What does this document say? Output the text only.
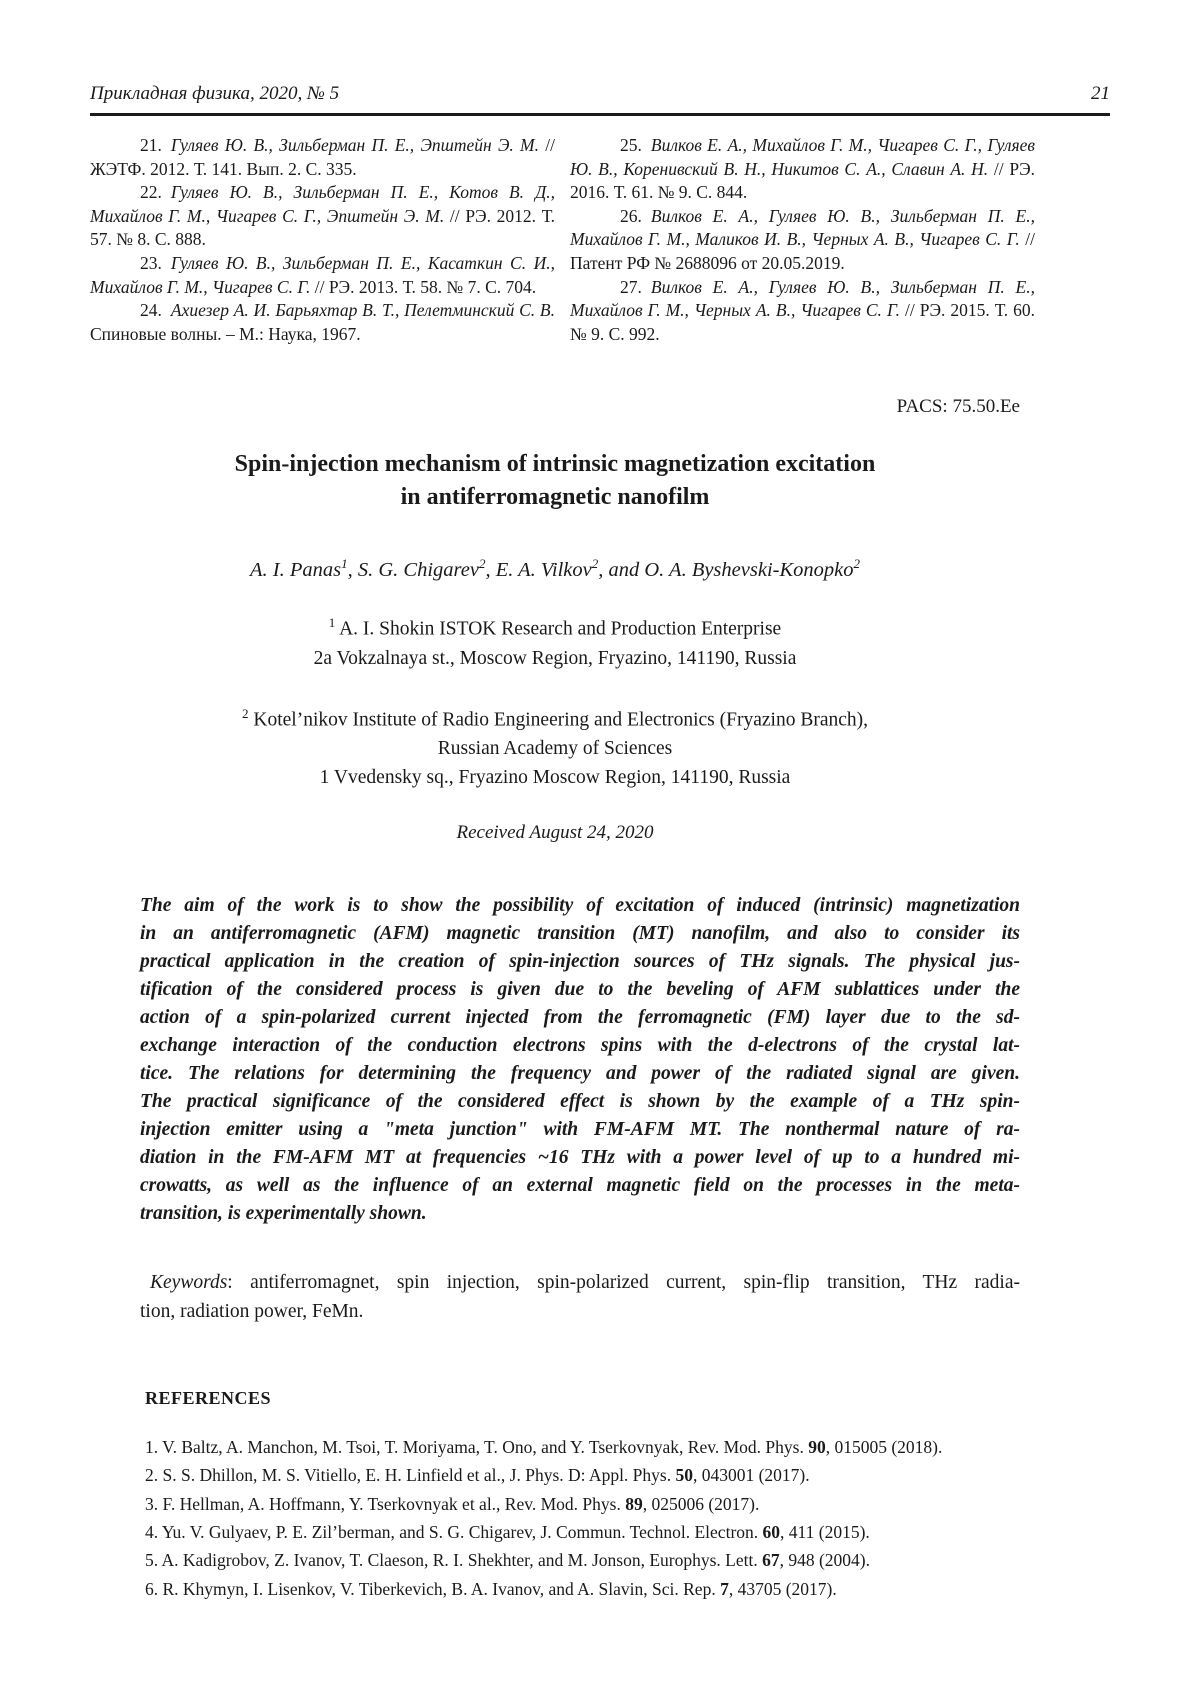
Прикладная физика, 2020, № 5	21

21. Гуляев Ю. В., Зильберман П. Е., Эпштейн Э. М. // ЖЭТФ. 2012. Т. 141. Вып. 2. С. 335.

22. Гуляев Ю. В., Зильберман П. Е., Котов В. Д., Михайлов Г. М., Чигарев С. Г., Эпштейн Э. М. // РЭ. 2012. Т. 57. № 8. С. 888.

23. Гуляев Ю. В., Зильберман П. Е., Касаткин С. И., Михайлов Г. М., Чигарев С. Г. // РЭ. 2013. Т. 58. № 7. С. 704.

24. Ахиезер А. И. Барьяхтар В. Т., Пелетминский С. В. Спиновые волны. – М.: Наука, 1967.

25. Вилков Е. А., Михайлов Г. М., Чигарев С. Г., Гуляев Ю. В., Коренивский В. Н., Никитов С. А., Славин А. Н. // РЭ. 2016. Т. 61. № 9. С. 844.

26. Вилков Е. А., Гуляев Ю. В., Зильберман П. Е., Михайлов Г. М., Маликов И. В., Черных А. В., Чигарев С. Г. // Патент РФ № 2688096 от 20.05.2019.

27. Вилков Е. А., Гуляев Ю. В., Зильберман П. Е., Михайлов Г. М., Черных А. В., Чигарев С. Г. // РЭ. 2015. Т. 60. № 9. С. 992.

PACS: 75.50.Ee
Spin-injection mechanism of intrinsic magnetization excitation
in antiferromagnetic nanofilm
A. I. Panas$^1$, S. G. Chigarev$^2$, E. A. Vilkov$^2$, and O. A. Byshevski-Konopko$^2$
$^1$ A. I. Shokin ISTOK Research and Production Enterprise
2a Vokzalnaya st., Moscow Region, Fryazino, 141190, Russia
$^2$ Kotel’nikov Institute of Radio Engineering and Electronics (Fryazino Branch),
Russian Academy of Sciences
1 Vvedensky sq., Fryazino Moscow Region, 141190, Russia
Received August 24, 2020
The aim of the work is to show the possibility of excitation of induced (intrinsic) magnetization
in an antiferromagnetic (AFM) magnetic transition (MT) nanofilm, and also to consider its
practical application in the creation of spin-injection sources of THz signals. The physical jus-
tification of the considered process is given due to the beveling of AFM sublattices under the
action of a spin-polarized current injected from the ferromagnetic (FM) layer due to the sd-
exchange interaction of the conduction electrons spins with the d-electrons of the crystal lat-
tice. The relations for determining the frequency and power of the radiated signal are given.
The practical significance of the considered effect is shown by the example of a THz spin-
injection emitter using a "meta junction" with FM-AFM MT. The nonthermal nature of ra-
diation in the FM-AFM MT at frequencies ~16 THz with a power level of up to a hundred mi-
crowatts, as well as the influence of an external magnetic field on the processes in the meta-
transition, is experimentally shown.
Keywords: antiferromagnet, spin injection, spin-polarized current, spin-flip transition, THz radia-
tion, radiation power, FeMn.
REFERENCES
1. V. Baltz, A. Manchon, M. Tsoi, T. Moriyama, T. Ono, and Y. Tserkovnyak, Rev. Mod. Phys. 90, 015005 (2018).
2. S. S. Dhillon, M. S. Vitiello, E. H. Linfield et al., J. Phys. D: Appl. Phys. 50, 043001 (2017).
3. F. Hellman, A. Hoffmann, Y. Tserkovnyak et al., Rev. Mod. Phys. 89, 025006 (2017).
4. Yu. V. Gulyaev, P. E. Zil’berman, and S. G. Chigarev, J. Commun. Technol. Electron. 60, 411 (2015).
5. A. Kadigrobov, Z. Ivanov, T. Claeson, R. I. Shekhter, and M. Jonson, Europhys. Lett. 67, 948 (2004).
6. R. Khymyn, I. Lisenkov, V. Tiberkevich, B. A. Ivanov, and A. Slavin, Sci. Rep. 7, 43705 (2017).
